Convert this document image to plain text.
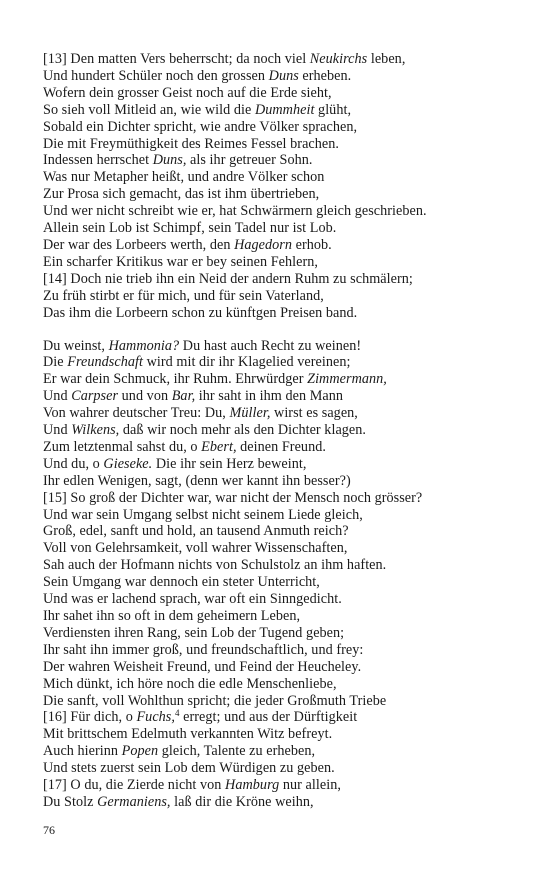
[13] Den matten Vers beherrscht; da noch viel Neukirchs leben,
Und hundert Schüler noch den grossen Duns erheben.
Wofern dein grosser Geist noch auf die Erde sieht,
So sieh voll Mitleid an, wie wild die Dummheit glüht,
Sobald ein Dichter spricht, wie andre Völker sprachen,
Die mit Freymüthigkeit des Reimes Fessel brachen.
Indessen herrschet Duns, als ihr getreuer Sohn.
Was nur Metapher heißt, und andre Völker schon
Zur Prosa sich gemacht, das ist ihm übertrieben,
Und wer nicht schreibt wie er, hat Schwärmern gleich geschrieben.
Allein sein Lob ist Schimpf, sein Tadel nur ist Lob.
Der war des Lorbeers werth, den Hagedorn erhob.
Ein scharfer Kritikus war er bey seinen Fehlern,
[14] Doch nie trieb ihn ein Neid der andern Ruhm zu schmälern;
Zu früh stirbt er für mich, und für sein Vaterland,
Das ihm die Lorbeern schon zu künftgen Preisen band.
Du weinst, Hammonia? Du hast auch Recht zu weinen!
Die Freundschaft wird mit dir ihr Klagelied vereinen;
Er war dein Schmuck, ihr Ruhm. Ehrwürdger Zimmermann,
Und Carpser und von Bar, ihr saht in ihm den Mann
Von wahrer deutscher Treu: Du, Müller, wirst es sagen,
Und Wilkens, daß wir noch mehr als den Dichter klagen.
Zum letztenmal sahst du, o Ebert, deinen Freund.
Und du, o Gieseke. Die ihr sein Herz beweint,
Ihr edlen Wenigen, sagt, (denn wer kannt ihn besser?)
[15] So groß der Dichter war, war nicht der Mensch noch grösser?
Und war sein Umgang selbst nicht seinem Liede gleich,
Groß, edel, sanft und hold, an tausend Anmuth reich?
Voll von Gelehrsamkeit, voll wahrer Wissenschaften,
Sah auch der Hofmann nichts von Schulstolz an ihm haften.
Sein Umgang war dennoch ein steter Unterricht,
Und was er lachend sprach, war oft ein Sinngedicht.
Ihr sahet ihn so oft in dem geheimern Leben,
Verdiensten ihren Rang, sein Lob der Tugend geben;
Ihr saht ihn immer groß, und freundschaftlich, und frey:
Der wahren Weisheit Freund, und Feind der Heucheley.
Mich dünkt, ich höre noch die edle Menschenliebe,
Die sanft, voll Wohlthun spricht; die jeder Großmuth Triebe
[16] Für dich, o Fuchs,$^4$ erregt; und aus der Dürftigkeit
Mit brittschem Edelmuth verkannten Witz befreyt.
Auch hierinn Popen gleich, Talente zu erheben,
Und stets zuerst sein Lob dem Würdigen zu geben.
[17] O du, die Zierde nicht von Hamburg nur allein,
Du Stolz Germaniens, laß dir die Kröne weihn,
76
